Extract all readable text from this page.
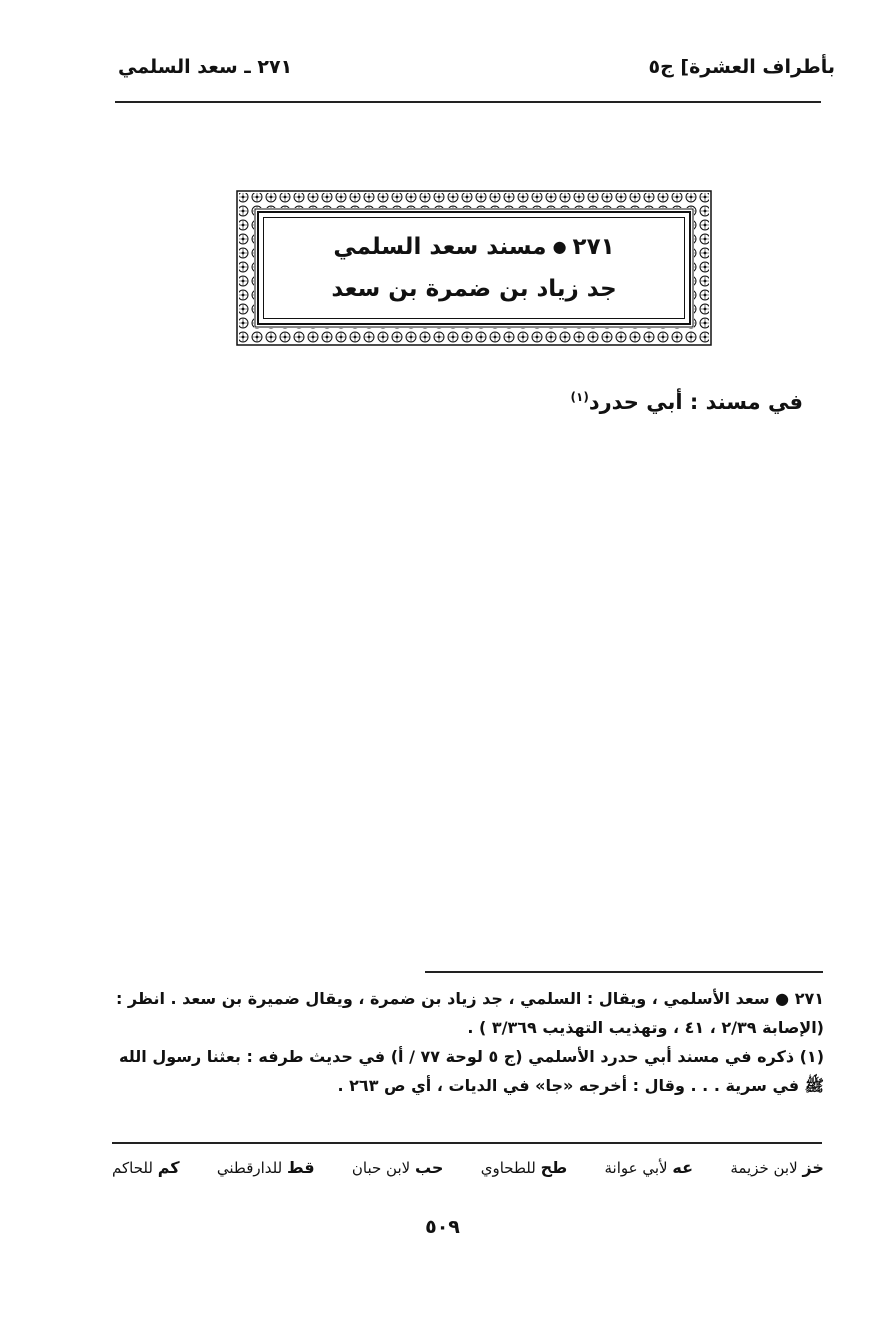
بأطراف العشرة] ج٥
٢٧١ ـ سعد السلمي
٢٧١●مسند سعد السلمي
جد زياد بن ضمرة بن سعد
في مسند : أبي حدرد$^{(١)}$
٢٧١ ● سعد الأسلمي ، ويقال : السلمي ، جد زياد بن ضمرة ، ويقال ضميرة بن سعد . انظر :
(الإصابة ٢/٣٩ ، ٤١ ، وتهذيب التهذيب ٣/٣٦٩ ) .
(١) ذكره في مسند أبي حدرد الأسلمي (ج ٥ لوحة ٧٧ / أ) في حديث طرفه : بعثنا رسول الله
ﷺ في سرية . . . وقال : أخرجه «جا» في الديات ، أي ص ٢٦٣ .
خز لابن خزيمة
عه لأبي عوانة
طح للطحاوي
حب لابن حبان
قط للدارقطني
كم للحاكم
٥٠٩
